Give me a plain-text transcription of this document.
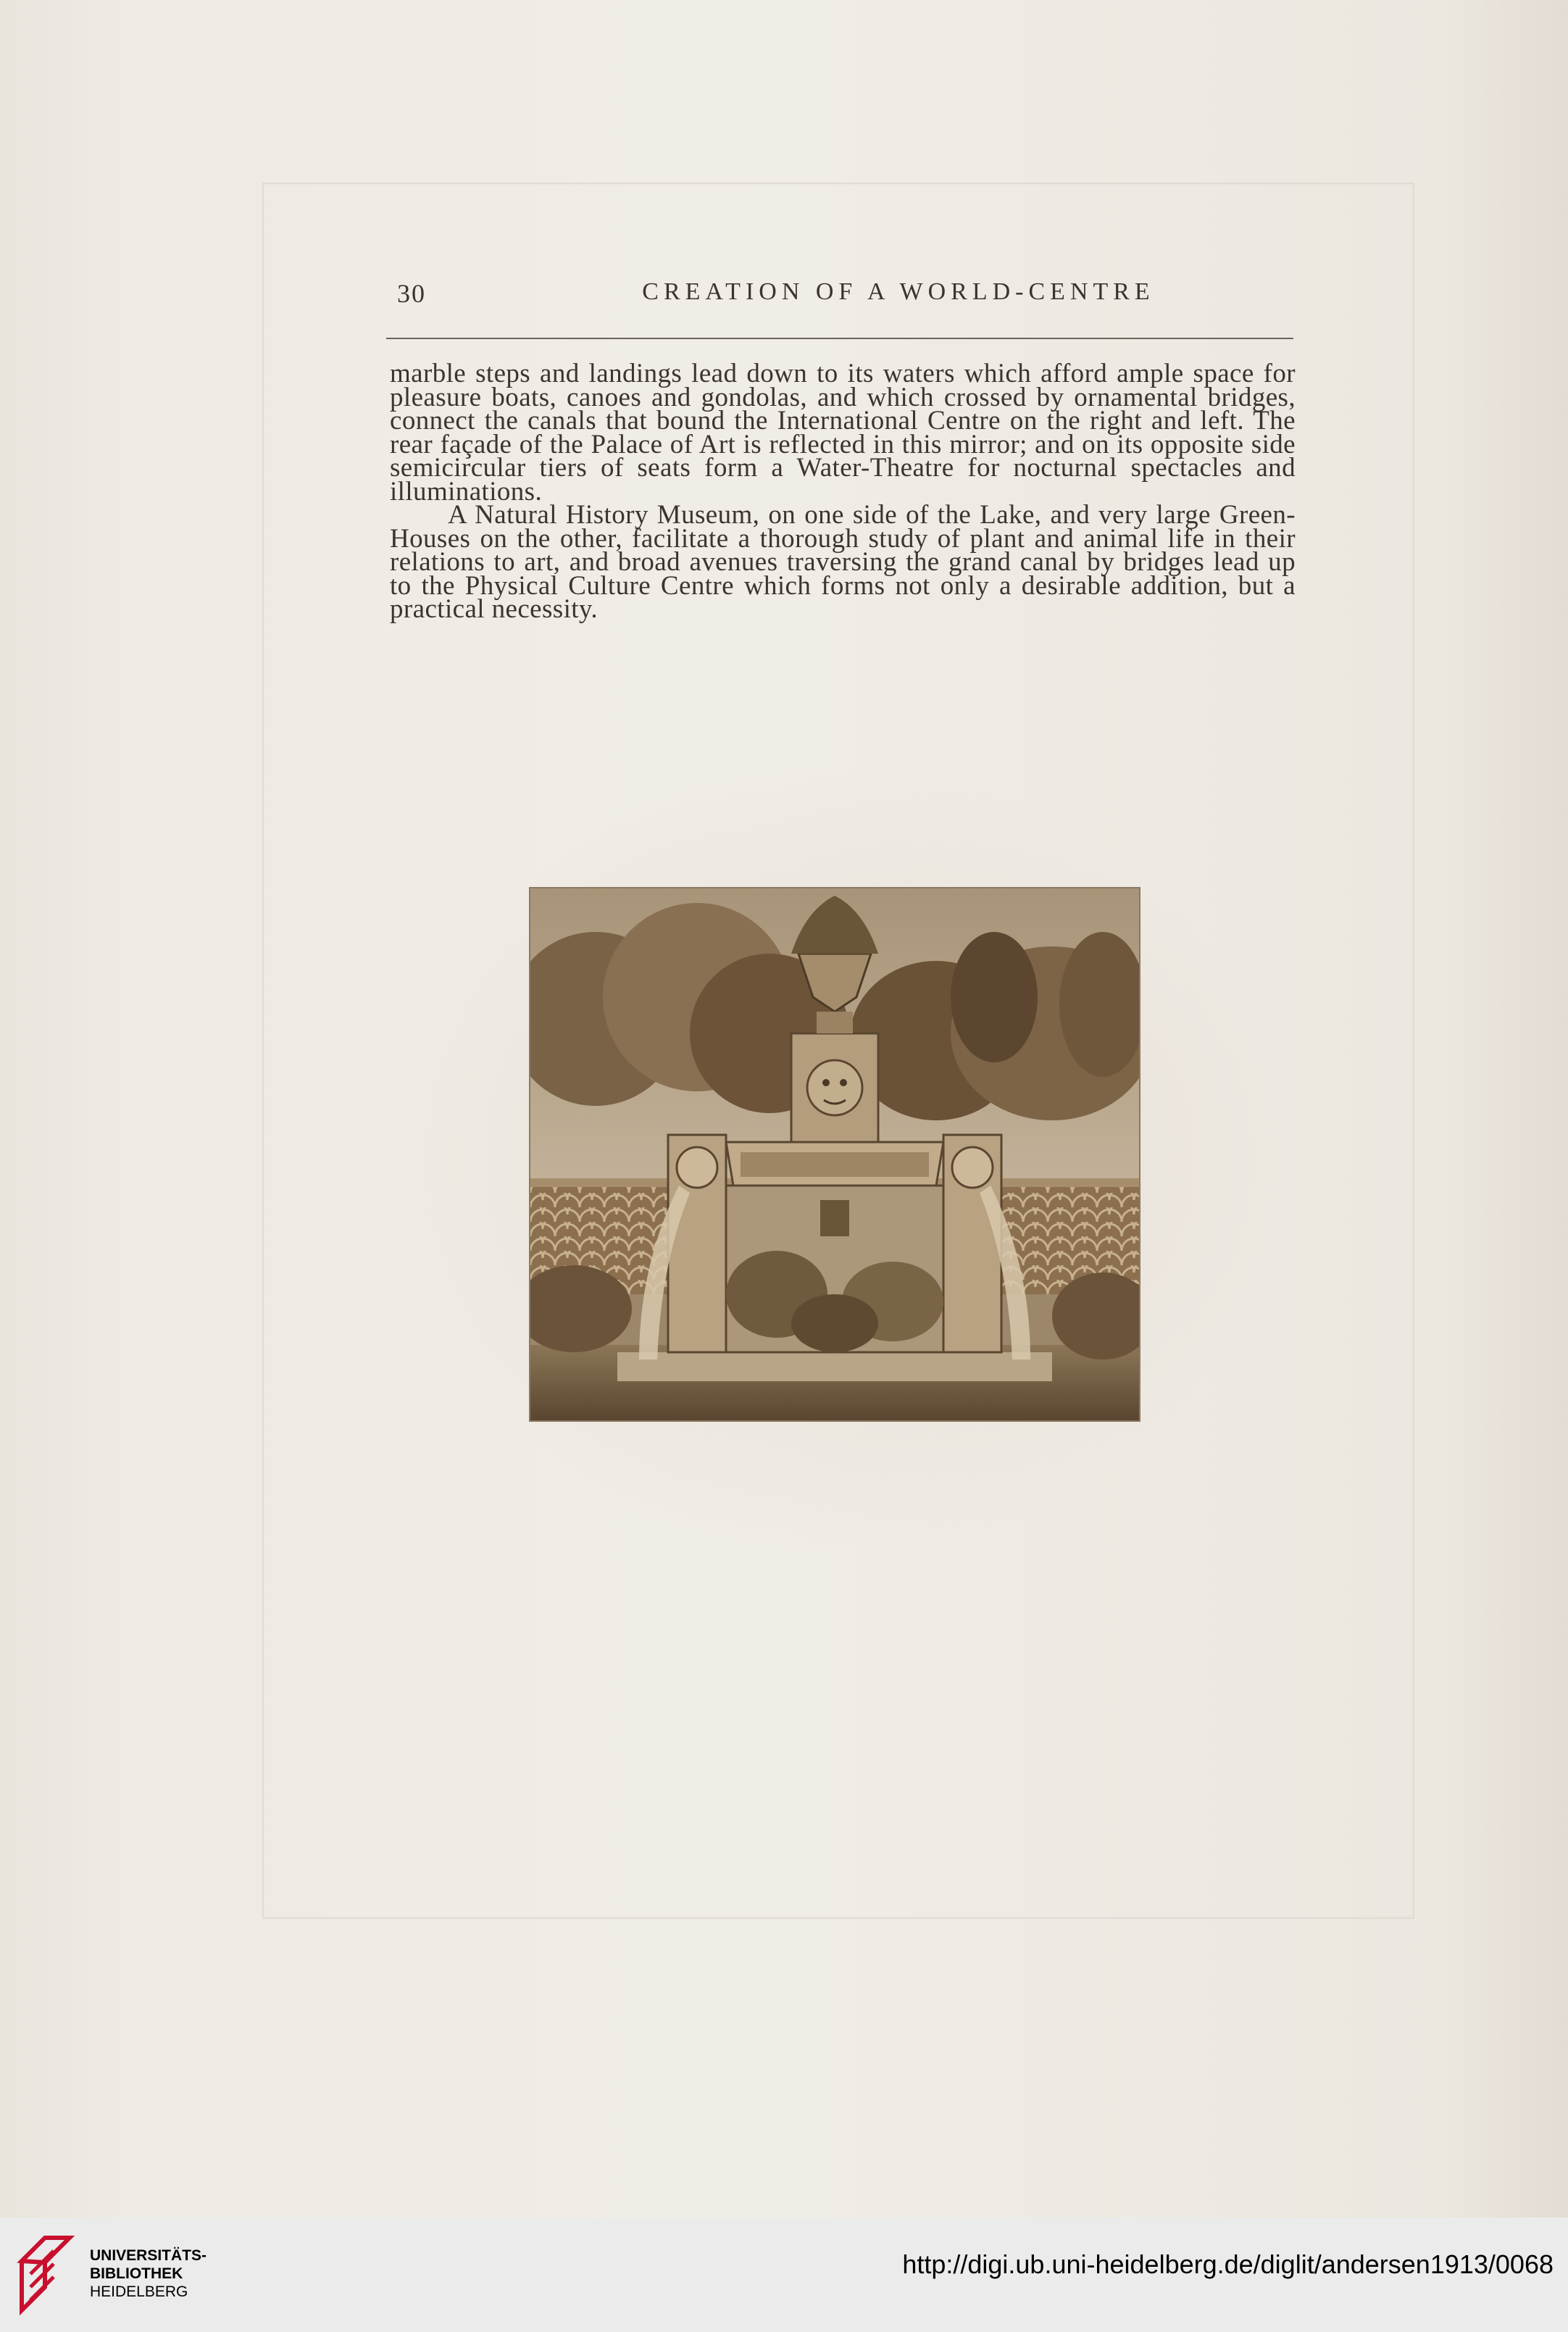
30	CREATION OF A WORLD-CENTRE

marble steps and landings lead down to its waters which afford ample space for pleasure boats, canoes and gondolas, and which crossed by ornamental bridges, connect the canals that bound the International Centre on the right and left. The rear façade of the Palace of Art is reflected in this mirror; and on its opposite side semicircular tiers of seats form a Water-Theatre for nocturnal spectacles and illuminations.

A Natural History Museum, on one side of the Lake, and very large Green-Houses on the other, facilitate a thorough study of plant and animal life in their relations to art, and broad avenues traversing the grand canal by bridges lead up to the Physical Culture Centre which forms not only a desirable addition, but a practical necessity.

UNIVERSITÄTS-
BIBLIOTHEK
HEIDELBERG
http://digi.ub.uni-heidelberg.de/diglit/andersen1913/0068
